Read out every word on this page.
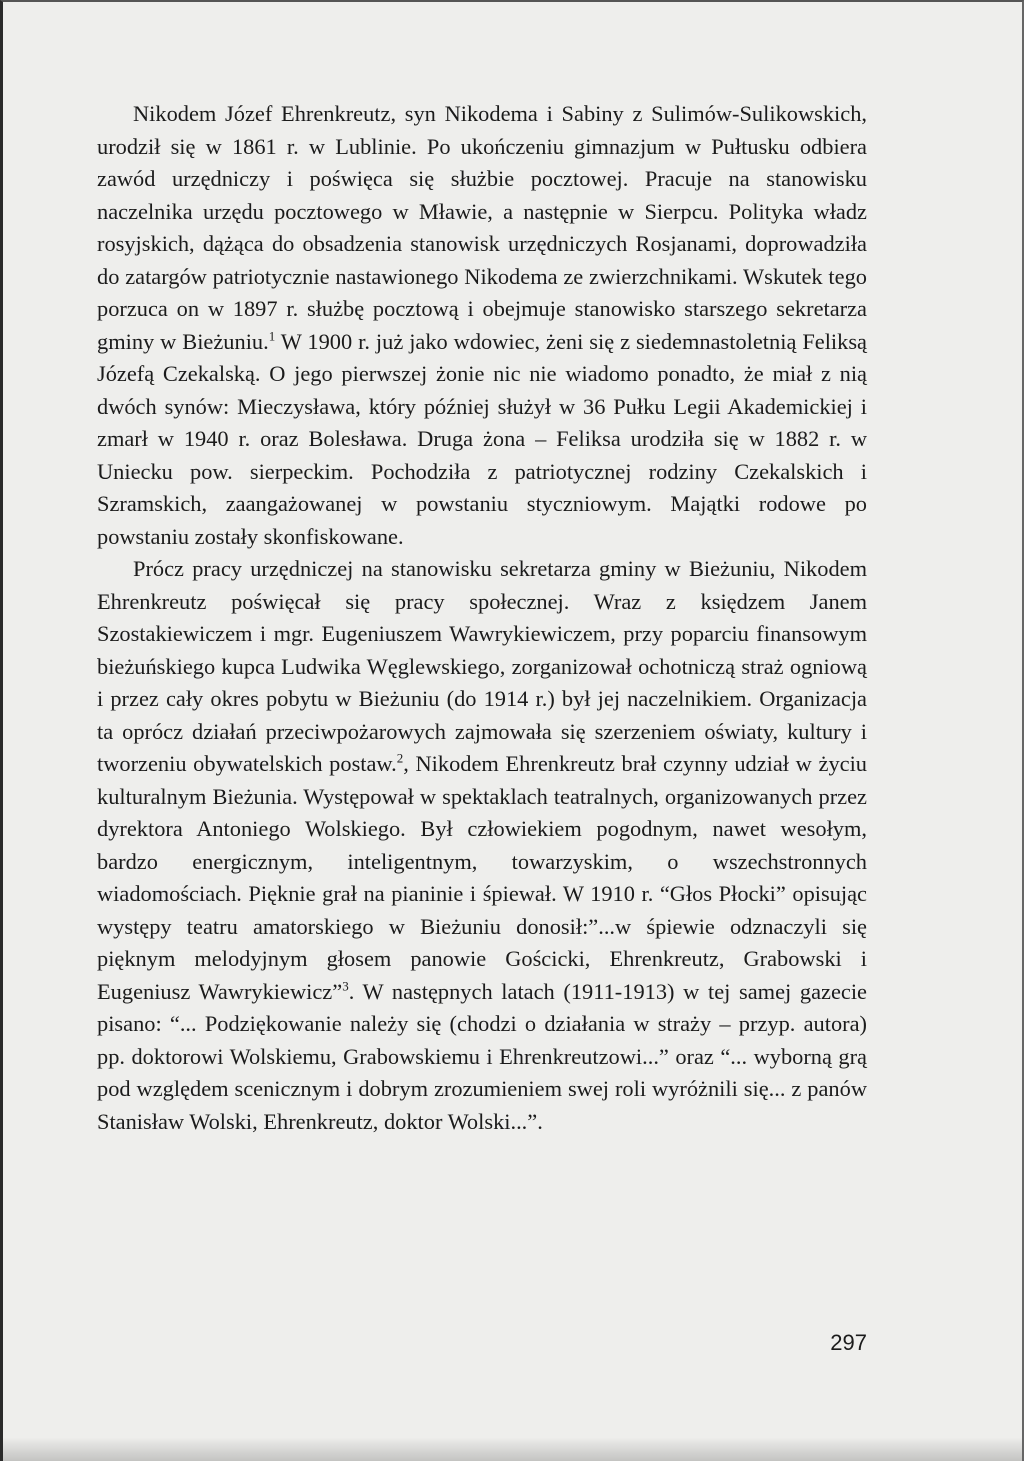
Nikodem Józef Ehrenkreutz, syn Nikodema i Sabiny z Sulimów-Sulikowskich, urodził się w 1861 r. w Lublinie. Po ukończeniu gimnazjum w Pułtusku odbiera zawód urzędniczy i poświęca się służbie pocztowej. Pracuje na stanowisku naczelnika urzędu pocztowego w Mławie, a następnie w Sierpcu. Polityka władz rosyjskich, dążąca do obsadzenia stanowisk urzędniczych Rosjanami, doprowadziła do zatargów patriotycznie nastawionego Nikodema ze zwierzchnikami. Wskutek tego porzuca on w 1897 r. służbę pocztową i obejmuje stanowisko starszego sekretarza gminy w Bieżuniu.$^1$ W 1900 r. już jako wdowiec, żeni się z siedemnastoletnią Feliksą Józefą Czekalską. O jego pierwszej żonie nic nie wiadomo ponadto, że miał z nią dwóch synów: Mieczysława, który później służył w 36 Pułku Legii Akademickiej i zmarł w 1940 r. oraz Bolesława. Druga żona – Feliksa urodziła się w 1882 r. w Uniecku pow. sierpeckim. Pochodziła z patriotycznej rodziny Czekalskich i Szramskich, zaangażowanej w powstaniu styczniowym. Majątki rodowe po powstaniu zostały skonfiskowane.

Prócz pracy urzędniczej na stanowisku sekretarza gminy w Bieżuniu, Nikodem Ehrenkreutz poświęcał się pracy społecznej. Wraz z księdzem Janem Szostakiewiczem i mgr. Eugeniuszem Wawrykiewiczem, przy poparciu finansowym bieżuńskiego kupca Ludwika Węglewskiego, zorganizował ochotniczą straż ogniową i przez cały okres pobytu w Bieżuniu (do 1914 r.) był jej naczelnikiem. Organizacja ta oprócz działań przeciwpożarowych zajmowała się szerzeniem oświaty, kultury i tworzeniu obywatelskich postaw.$^2$, Nikodem Ehrenkreutz brał czynny udział w życiu kulturalnym Bieżunia. Występował w spektaklach teatralnych, organizowanych przez dyrektora Antoniego Wolskiego. Był człowiekiem pogodnym, nawet wesołym, bardzo energicznym, inteligentnym, towarzyskim, o wszechstronnych wiadomościach. Pięknie grał na pianinie i śpiewał. W 1910 r. “Głos Płocki” opisując występy teatru amatorskiego w Bieżuniu donosił:”...w śpiewie odznaczyli się pięknym melodyjnym głosem panowie Gościcki, Ehrenkreutz, Grabowski i Eugeniusz Wawrykiewicz”$^3$. W następnych latach (1911-1913) w tej samej gazecie pisano: “... Podziękowanie należy się (chodzi o działania w straży – przyp. autora) pp. doktorowi Wolskiemu, Grabowskiemu i Ehrenkreutzowi...” oraz “... wyborną grą pod względem scenicznym i dobrym zrozumieniem swej roli wyróżnili się... z panów Stanisław Wolski, Ehrenkreutz, doktor Wolski...”.

297
